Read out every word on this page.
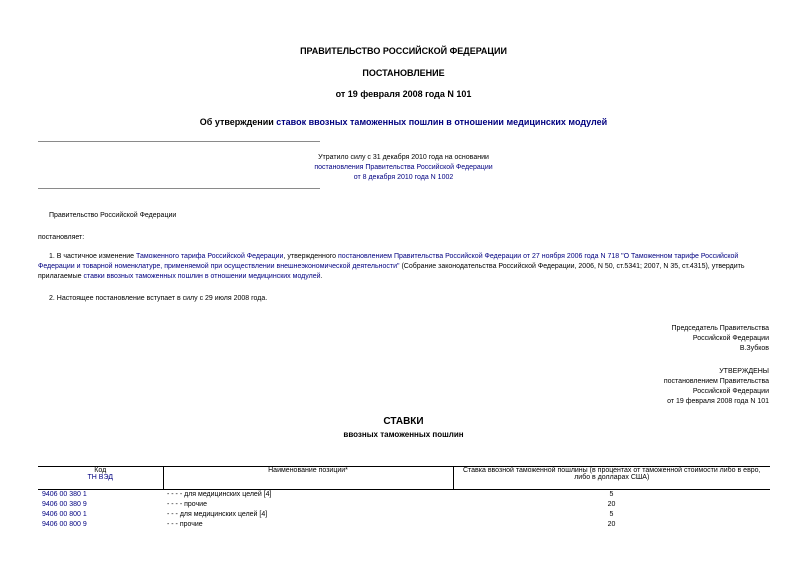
ПРАВИТЕЛЬСТВО РОССИЙСКОЙ ФЕДЕРАЦИИ
ПОСТАНОВЛЕНИЕ
от 19 февраля 2008 года N 101
Об утверждении ставок ввозных таможенных пошлин в отношении медицинских модулей
Утратило силу с 31 декабря 2010 года на основании
постановления Правительства Российской Федерации
от 8 декабря 2010 года N 1002
Правительство Российской Федерации
постановляет:
1. В частичное изменение Таможенного тарифа Российской Федерации, утвержденного постановлением Правительства Российской Федерации от 27 ноября 2006 года N 718 "О Таможенном тарифе Российской Федерации и товарной номенклатуре, применяемой при осуществлении внешнеэкономической деятельности" (Собрание законодательства Российской Федерации, 2006, N 50, ст.5341; 2007, N 35, ст.4315), утвердить прилагаемые ставки ввозных таможенных пошлин в отношении медицинских модулей.
2. Настоящее постановление вступает в силу с 29 июля 2008 года.
Председатель Правительства
Российской Федерации
В.Зубков
УТВЕРЖДЕНЫ
постановлением Правительства
Российской Федерации
от 19 февраля 2008 года N 101
СТАВКИ
ввозных таможенных пошлин
Код
ТН ВЭД	Наименование позиции*	Ставка ввозной таможенной пошлины (в процентах от таможенной стоимости либо в евро, либо в долларах США)
9406 00 380 1	- - - - для медицинских целей [4]	5
9406 00 380 9	- - - - прочие	20
9406 00 800 1	- - - для медицинских целей [4]	5
9406 00 800 9	- - - прочие	20
